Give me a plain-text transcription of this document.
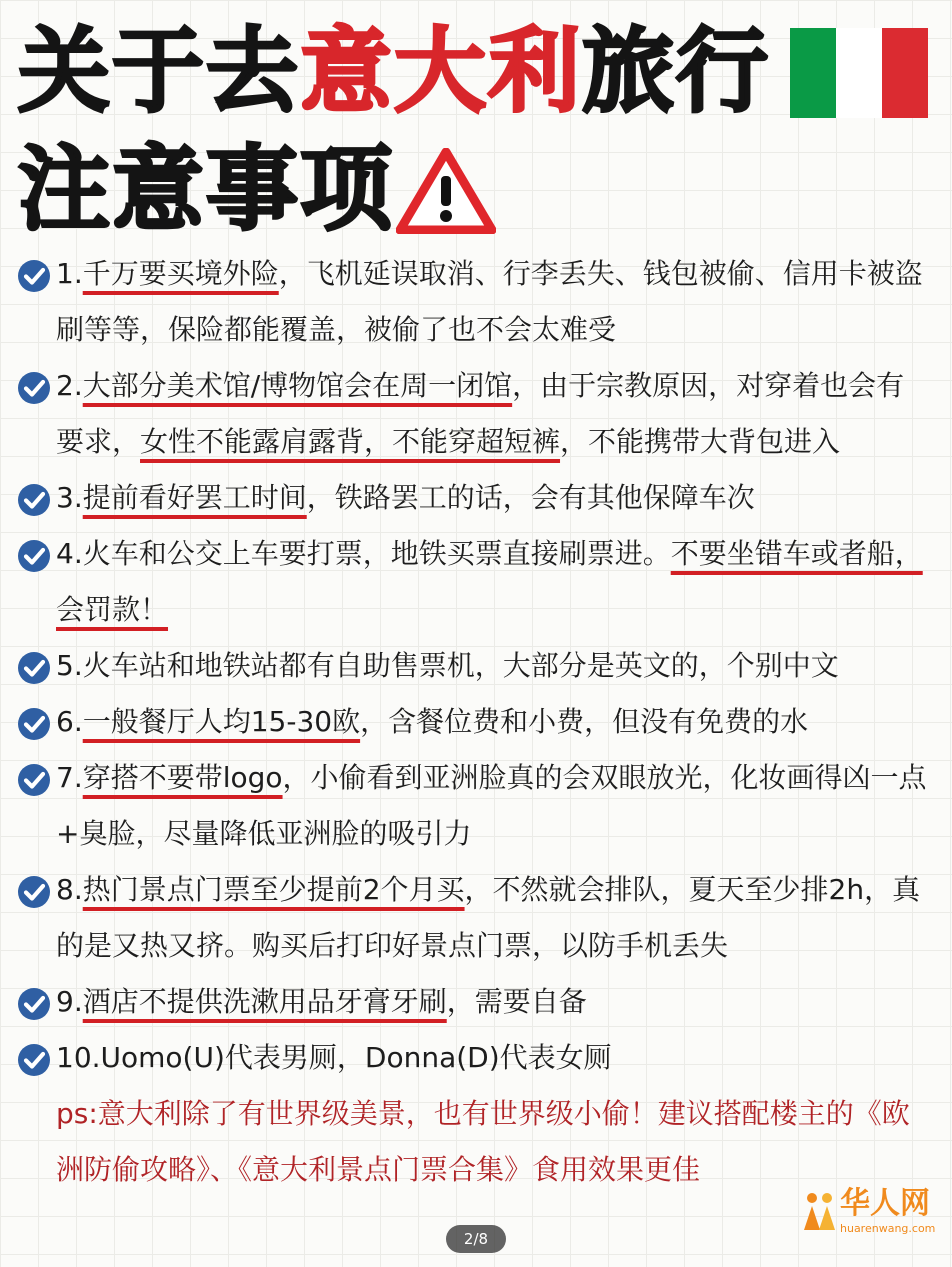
关于去意大利旅行
注意事项
1.千万要买境外险，飞机延误取消、行李丢失、钱包被偷、信用卡被盗刷等等，保险都能覆盖，被偷了也不会太难受
2.大部分美术馆/博物馆会在周一闭馆，由于宗教原因，对穿着也会有要求，女性不能露肩露背，不能穿超短裤，不能携带大背包进入
3.提前看好罢工时间，铁路罢工的话，会有其他保障车次
4.火车和公交上车要打票，地铁买票直接刷票进。不要坐错车或者船，会罚款！
5.火车站和地铁站都有自助售票机，大部分是英文的，个别中文
6.一般餐厅人均15-30欧，含餐位费和小费，但没有免费的水
7.穿搭不要带logo，小偷看到亚洲脸真的会双眼放光，化妆画得凶一点+臭脸，尽量降低亚洲脸的吸引力
8.热门景点门票至少提前2个月买，不然就会排队，夏天至少排2h，真的是又热又挤。购买后打印好景点门票，以防手机丢失
9.酒店不提供洗漱用品牙膏牙刷，需要自备
10.Uomo(U)代表男厕，Donna(D)代表女厕
ps:意大利除了有世界级美景，也有世界级小偷！建议搭配楼主的《欧洲防偷攻略》、《意大利景点门票合集》食用效果更佳
2/8
华人网
huarenwang.com
